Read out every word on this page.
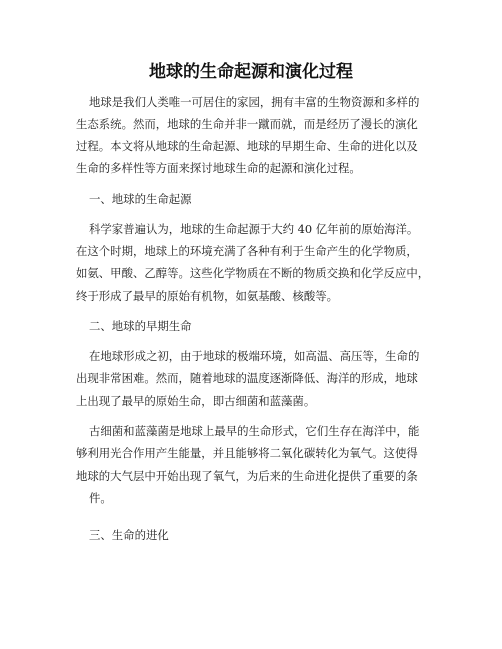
地球的生命起源和演化过程
地球是我们人类唯一可居住的家园，拥有丰富的生物资源和多样的
生态系统。然而，地球的生命并非一蹴而就，而是经历了漫长的演化
过程。本文将从地球的生命起源、地球的早期生命、生命的进化以及
生命的多样性等方面来探讨地球生命的起源和演化过程。
一、地球的生命起源
科学家普遍认为，地球的生命起源于大约 40 亿年前的原始海洋。
在这个时期，地球上的环境充满了各种有利于生命产生的化学物质，
如氨、甲酸、乙醇等。这些化学物质在不断的物质交换和化学反应中，
终于形成了最早的原始有机物，如氨基酸、核酸等。
二、地球的早期生命
在地球形成之初，由于地球的极端环境，如高温、高压等，生命的
出现非常困难。然而，随着地球的温度逐渐降低、海洋的形成，地球
上出现了最早的原始生命，即古细菌和蓝藻菌。
古细菌和蓝藻菌是地球上最早的生命形式，它们生存在海洋中，能
够利用光合作用产生能量，并且能够将二氧化碳转化为氧气。这使得
地球的大气层中开始出现了氧气，为后来的生命进化提供了重要的条
件。
三、生命的进化
